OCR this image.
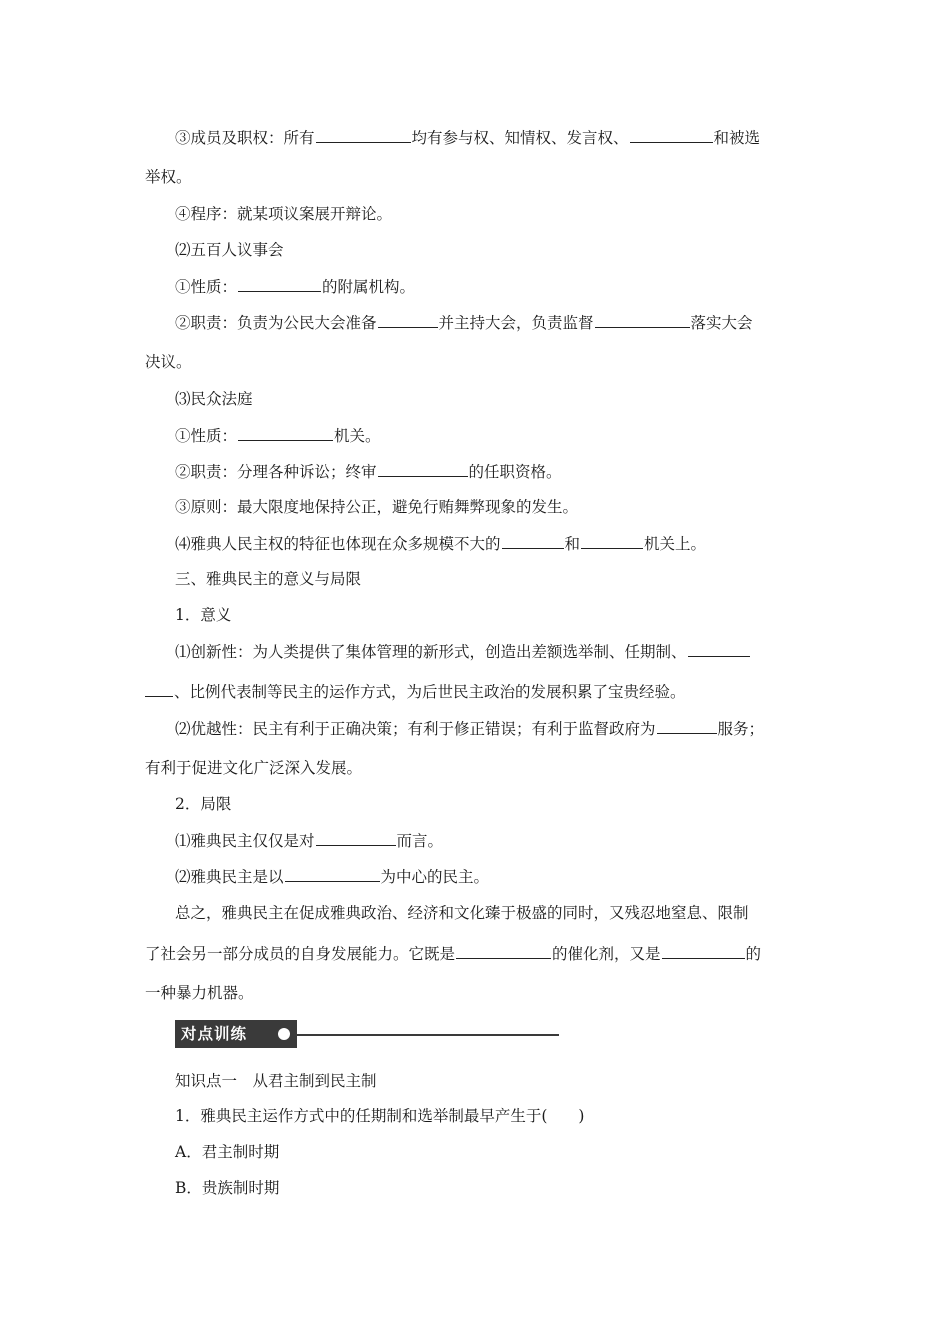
③成员及职权：所有	均有参与权、知情权、发言权、	和被选
举权。
④程序：就某项议案展开辩论。
⑵五百人议事会
①性质：	的附属机构。
②职责：负责为公民大会准备	并主持大会，负责监督	落实大会
决议。
⑶民众法庭
①性质：	机关。
②职责：分理各种诉讼；终审	的任职资格。
③原则：最大限度地保持公正，避免行贿舞弊现象的发生。
⑷雅典人民主权的特征也体现在众多规模不大的	和	机关上。
三、雅典民主的意义与局限
1．意义
⑴创新性：为人类提供了集体管理的新形式，创造出差额选举制、任期制、
、比例代表制等民主的运作方式，为后世民主政治的发展积累了宝贵经验。
⑵优越性：民主有利于正确决策；有利于修正错误；有利于监督政府为	服务；
有利于促进文化广泛深入发展。
2．局限
⑴雅典民主仅仅是对	而言。
⑵雅典民主是以	为中心的民主。
总之，雅典民主在促成雅典政治、经济和文化臻于极盛的同时，又残忍地窒息、限制
了社会另一部分成员的自身发展能力。它既是	的催化剂，又是	的
一种暴力机器。
对点训练
知识点一　从君主制到民主制
1．雅典民主运作方式中的任期制和选举制最早产生于(　　)
A．君主制时期
B．贵族制时期
